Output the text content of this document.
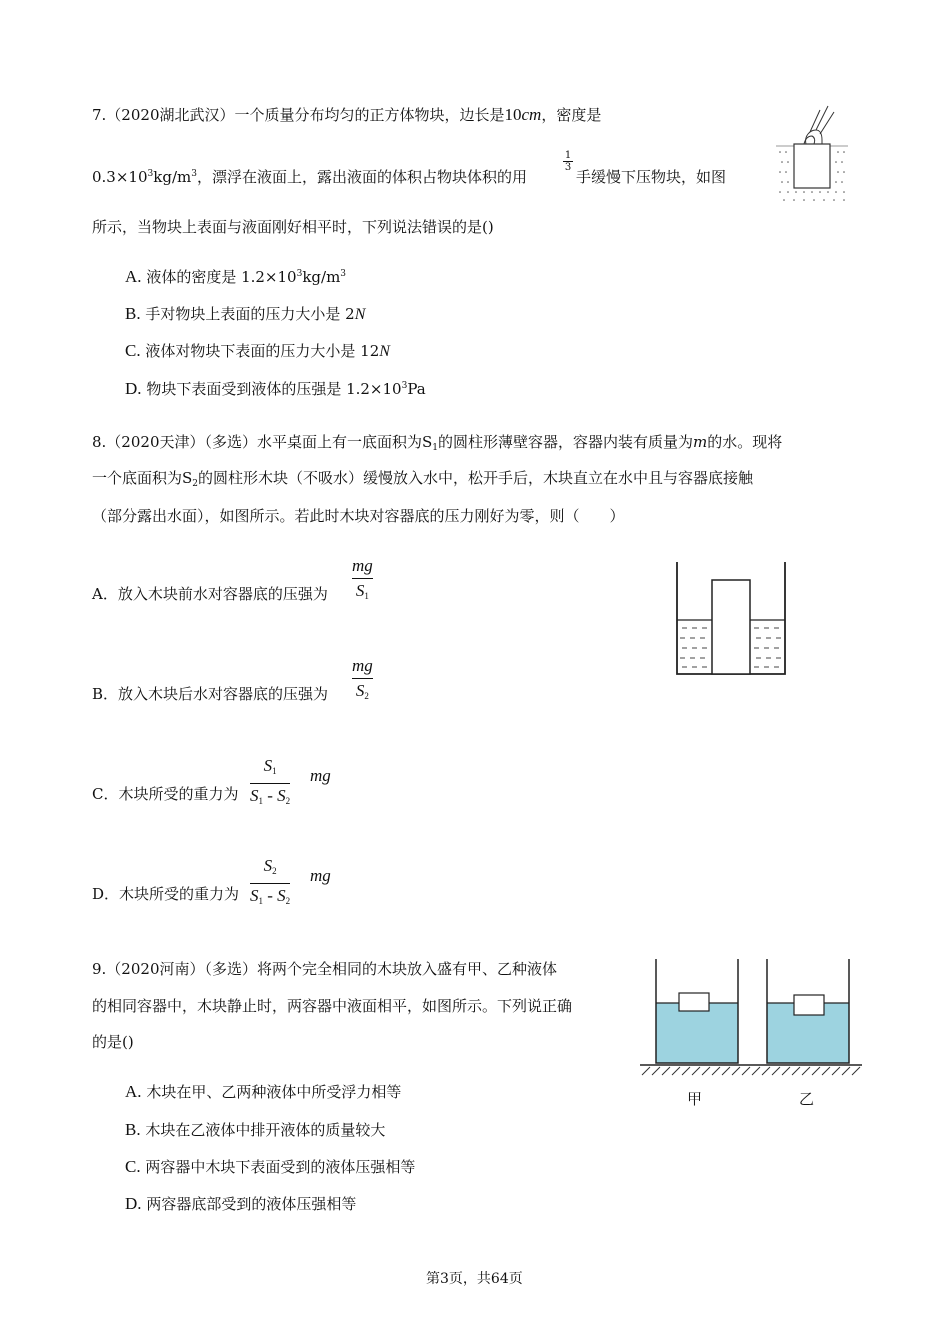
7.（2020湖北武汉）一个质量分布均匀的正方体物块，边长是10cm，密度是
$0.3\times 10^3kg/m^3$，漂浮在液面上，露出液面的体积占物块体积的用
1
3
手缓慢下压物块，如图
所示，当物块上表面与液面刚好相平时，下列说法错误的是()
A. 液体的密度是 $1.2\times 10^3kg/m^3$
B. 手对物块上表面的压力大小是 2N
C. 液体对物块下表面的压力大小是 12N
D. 物块下表面受到液体的压强是 $1.2\times 10^3Pa$
8.（2020天津）（多选）水平桌面上有一底面积为$S_1$的圆柱形薄壁容器，容器内装有质量为m的水。现将
一个底面积为$S_2$的圆柱形木块（不吸水）缓慢放入水中，松开手后，木块直立在水中且与容器底接触
（部分露出水面），如图所示。若此时木块对容器底的压力刚好为零，则（　　）
A．放入木块前水对容器底的压强为
mg
$S_1$
B．放入木块后水对容器底的压强为
mg
$S_2$
C．木块所受的重力为
$S_1$
$S_1 - S_2$
mg
D．木块所受的重力为
$S_2$
$S_1 - S_2$
mg
9.（2020河南）（多选）将两个完全相同的木块放入盛有甲、乙种液体
的相同容器中，木块静止时，两容器中液面相平，如图所示。下列说正确
的是()
A. 木块在甲、乙两种液体中所受浮力相等
B. 木块在乙液体中排开液体的质量较大
C. 两容器中木块下表面受到的液体压强相等
D. 两容器底部受到的液体压强相等
甲	乙
第3页，共64页
